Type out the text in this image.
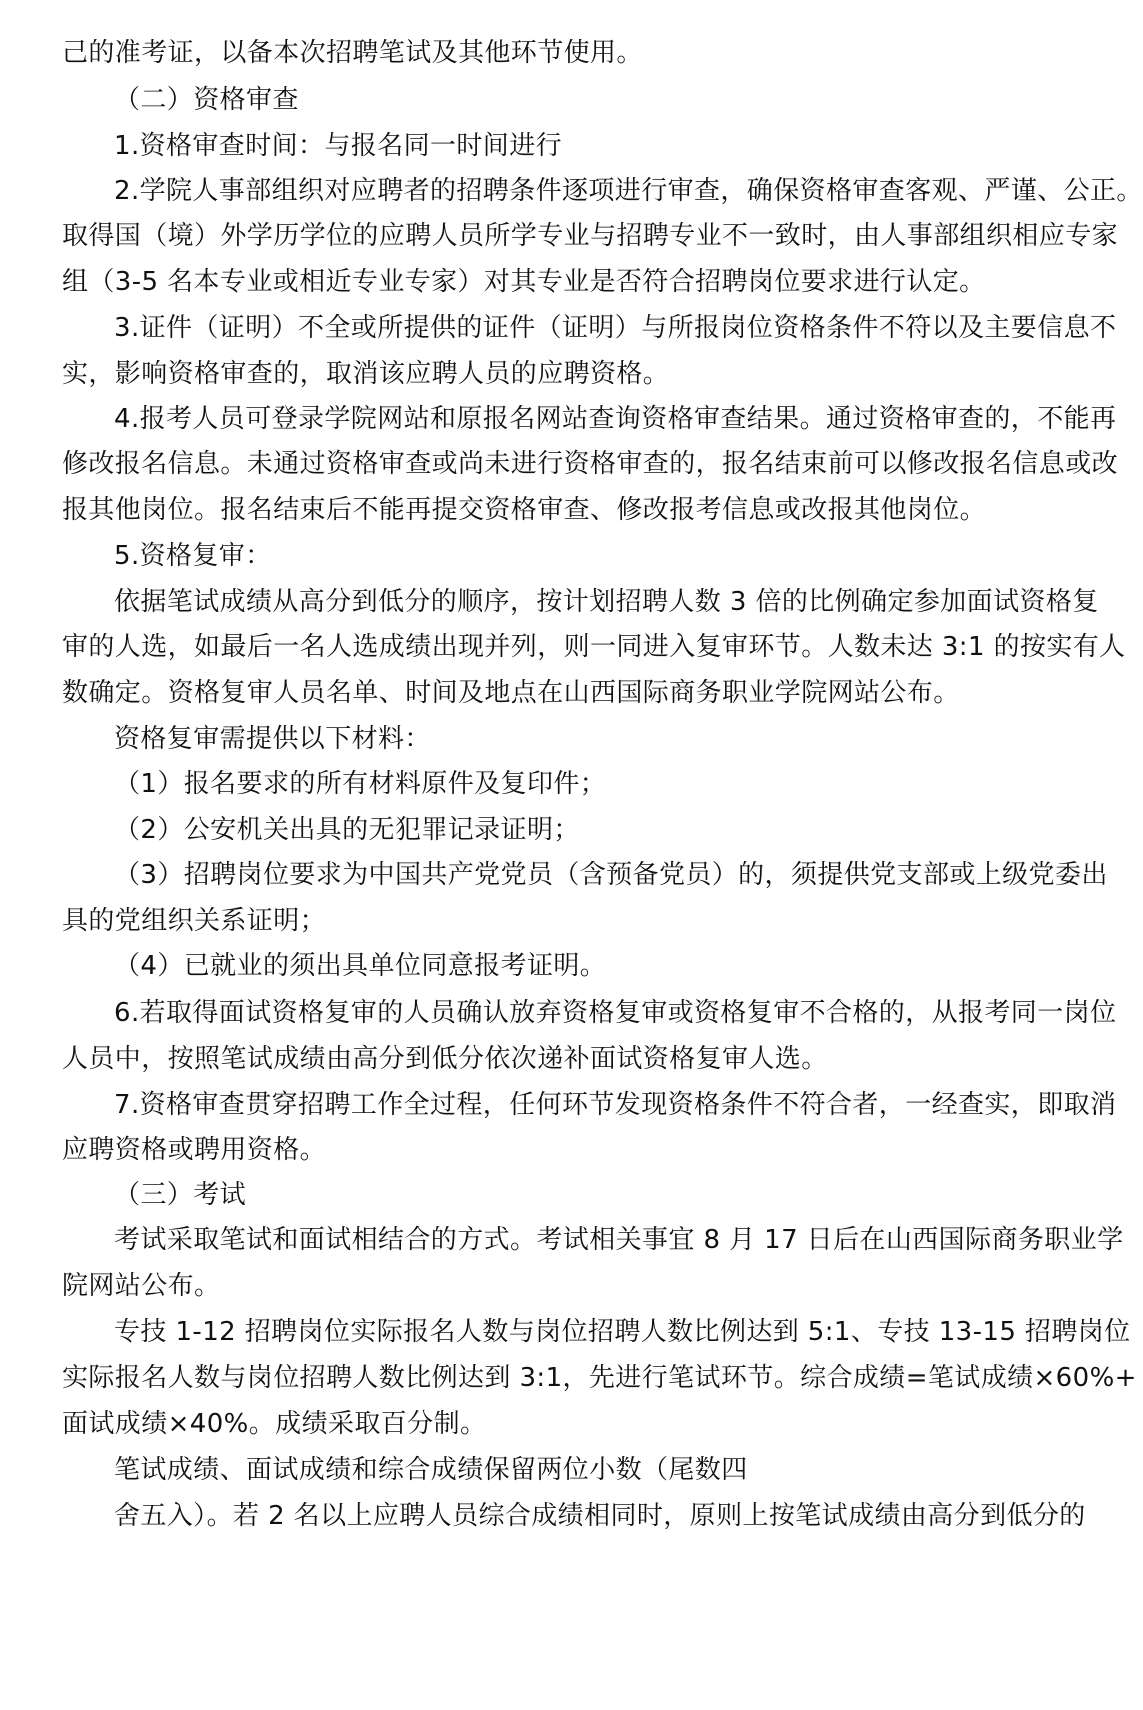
己的准考证，以备本次招聘笔试及其他环节使用。
（二）资格审查
1.资格审查时间：与报名同一时间进行
2.学院人事部组织对应聘者的招聘条件逐项进行审查，确保资格审查客观、严谨、公正。
取得国（境）外学历学位的应聘人员所学专业与招聘专业不一致时，由人事部组织相应专家
组（3-5 名本专业或相近专业专家）对其专业是否符合招聘岗位要求进行认定。
3.证件（证明）不全或所提供的证件（证明）与所报岗位资格条件不符以及主要信息不
实，影响资格审查的，取消该应聘人员的应聘资格。
4.报考人员可登录学院网站和原报名网站查询资格审查结果。通过资格审查的，不能再
修改报名信息。未通过资格审查或尚未进行资格审查的，报名结束前可以修改报名信息或改
报其他岗位。报名结束后不能再提交资格审查、修改报考信息或改报其他岗位。
5.资格复审：
依据笔试成绩从高分到低分的顺序，按计划招聘人数 3 倍的比例确定参加面试资格复
审的人选，如最后一名人选成绩出现并列，则一同进入复审环节。人数未达 3:1 的按实有人
数确定。资格复审人员名单、时间及地点在山西国际商务职业学院网站公布。
资格复审需提供以下材料：
（1）报名要求的所有材料原件及复印件；
（2）公安机关出具的无犯罪记录证明；
（3）招聘岗位要求为中国共产党党员（含预备党员）的，须提供党支部或上级党委出
具的党组织关系证明；
（4）已就业的须出具单位同意报考证明。
6.若取得面试资格复审的人员确认放弃资格复审或资格复审不合格的，从报考同一岗位
人员中，按照笔试成绩由高分到低分依次递补面试资格复审人选。
7.资格审查贯穿招聘工作全过程，任何环节发现资格条件不符合者，一经查实，即取消
应聘资格或聘用资格。
（三）考试
考试采取笔试和面试相结合的方式。考试相关事宜 8 月 17 日后在山西国际商务职业学
院网站公布。
专技 1-12 招聘岗位实际报名人数与岗位招聘人数比例达到 5:1、专技 13-15 招聘岗位
实际报名人数与岗位招聘人数比例达到 3:1，先进行笔试环节。综合成绩=笔试成绩×60%+
面试成绩×40%。成绩采取百分制。
笔试成绩、面试成绩和综合成绩保留两位小数（尾数四
舍五入）。若 2 名以上应聘人员综合成绩相同时，原则上按笔试成绩由高分到低分的
